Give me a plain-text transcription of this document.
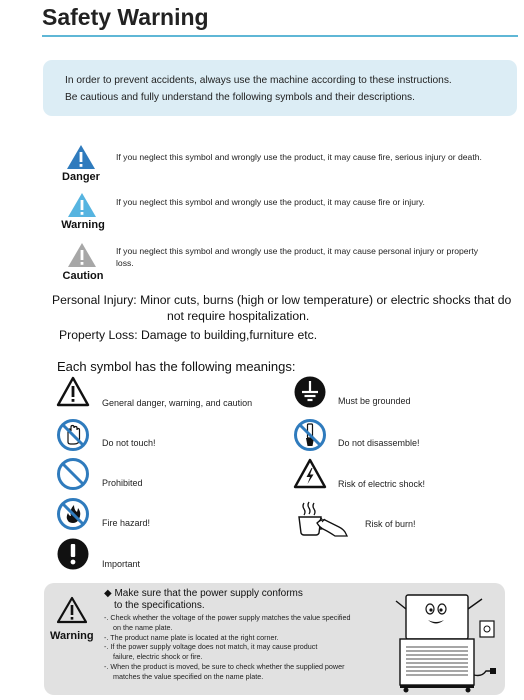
Safety Warning
In order to prevent accidents, always use the machine according to these instructions.
Be cautious and fully understand the following symbols and their descriptions.
Danger
If you neglect this symbol and wrongly use the product, it may cause fire, serious injury or death.
Warning
If you neglect this symbol and wrongly use the product, it may cause fire or injury.
Caution
If you neglect this symbol and wrongly use the product, it may cause personal injury or property loss.
Personal Injury: Minor cuts, burns (high or low temperature) or electric shocks that do
not require hospitalization.
Property Loss: Damage to building,furniture etc.
Each symbol has the following meanings:
General danger, warning, and caution
Do not touch!
Prohibited
Fire hazard!
Important
Must be grounded
Do not disassemble!
Risk of electric shock!
Risk of burn!
Warning
◆ Make sure that the power supply conforms
to the specifications.
-. Check whether the voltage of the power supply matches the value specified
on the name plate.
-. The product name plate is located at the right corner.
-. If the power supply voltage does not match, it may cause product
failure, electric shock or fire.
-. When the product is moved, be sure to check whether the supplied power
matches the value specified on the name plate.
